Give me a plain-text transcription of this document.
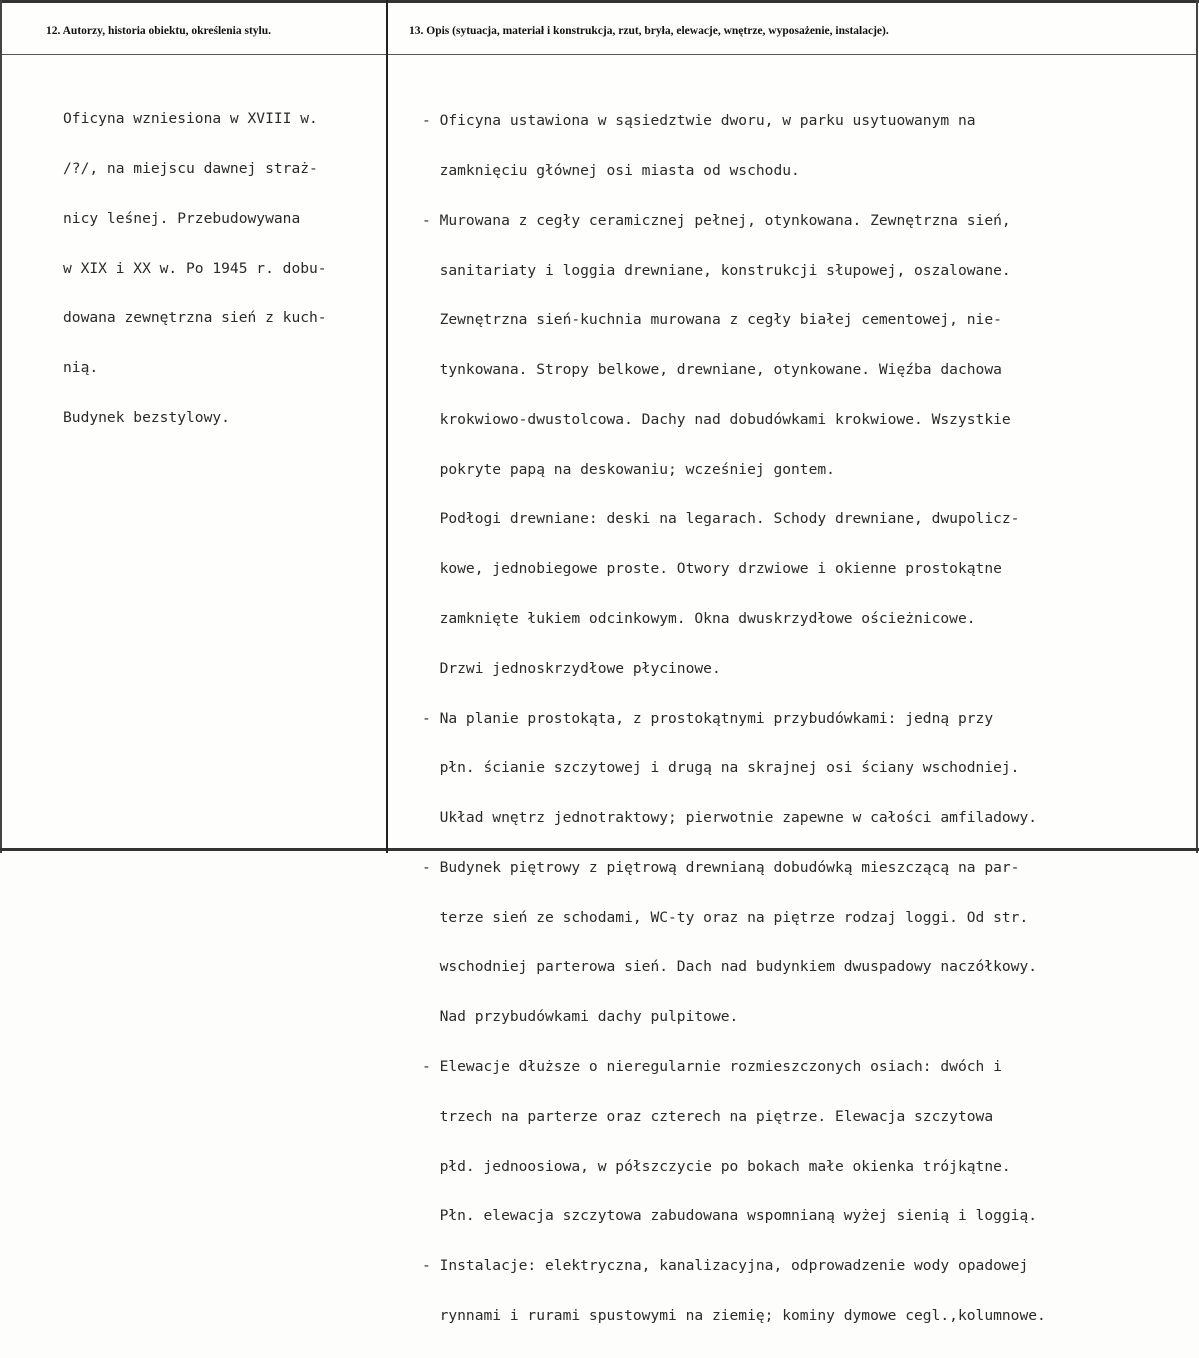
12. Autorzy, historia obiektu, określenia stylu.	13. Opis (sytuacja, materiał i konstrukcja, rzut, bryła, elewacje, wnętrze, wyposażenie, instalacje).

Oficyna wzniesiona w XVIII w.

/?/, na miejscu dawnej straż-

nicy leśnej. Przebudowywana

w XIX i XX w. Po 1945 r. dobu-

dowana zewnętrzna sień z kuch-

nią.

Budynek bezstylowy.

- Oficyna ustawiona w sąsiedztwie dworu, w parku usytuowanym na

zamknięciu głównej osi miasta od wschodu.

- Murowana z cegły ceramicznej pełnej, otynkowana. Zewnętrzna sień,

sanitariaty i loggia drewniane, konstrukcji słupowej, oszalowane.

Zewnętrzna sień-kuchnia murowana z cegły białej cementowej, nie-

tynkowana. Stropy belkowe, drewniane, otynkowane. Więźba dachowa

krokwiowo-dwustolcowa. Dachy nad dobudówkami krokwiowe. Wszystkie

pokryte papą na deskowaniu; wcześniej gontem.

Podłogi drewniane: deski na legarach. Schody drewniane, dwupolicz-

kowe, jednobiegowe proste. Otwory drzwiowe i okienne prostokątne

zamknięte łukiem odcinkowym. Okna dwuskrzydłowe ościeżnicowe.

Drzwi jednoskrzydłowe płycinowe.

- Na planie prostokąta, z prostokątnymi przybudówkami: jedną przy

płn. ścianie szczytowej i drugą na skrajnej osi ściany wschodniej.

Układ wnętrz jednotraktowy; pierwotnie zapewne w całości amfiladowy.

- Budynek piętrowy z piętrową drewnianą dobudówką mieszczącą na par-

terze sień ze schodami, WC-ty oraz na piętrze rodzaj loggi. Od str.

wschodniej parterowa sień. Dach nad budynkiem dwuspadowy naczółkowy.

Nad przybudówkami dachy pulpitowe.

- Elewacje dłuższe o nieregularnie rozmieszczonych osiach: dwóch i

trzech na parterze oraz czterech na piętrze. Elewacja szczytowa

płd. jednoosiowa, w półszczycie po bokach małe okienka trójkątne.

Płn. elewacja szczytowa zabudowana wspomnianą wyżej sienią i loggią.

- Instalacje: elektryczna, kanalizacyjna, odprowadzenie wody opadowej

rynnami i rurami spustowymi na ziemię; kominy dymowe cegl.,kolumnowe.
